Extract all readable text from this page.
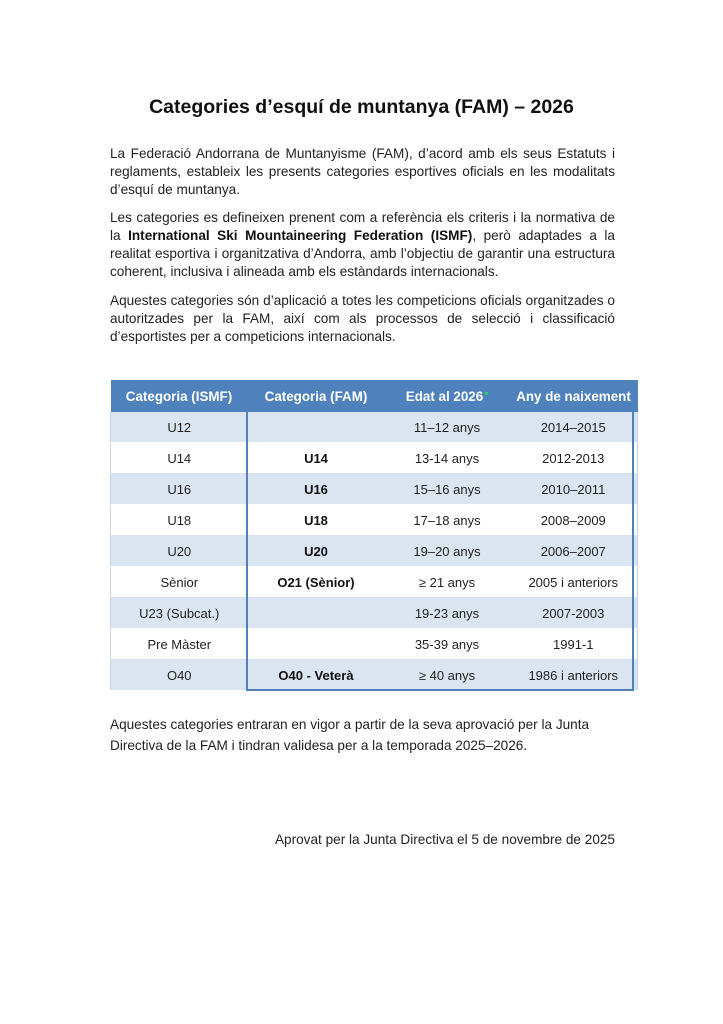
Categories d’esquí de muntanya (FAM) – 2026
La Federació Andorrana de Muntanyisme (FAM), d’acord amb els seus Estatuts i reglaments, estableix les presents categories esportives oficials en les modalitats d’esquí de muntanya.
Les categories es defineixen prenent com a referència els criteris i la normativa de la International Ski Mountaineering Federation (ISMF), però adaptades a la realitat esportiva i organitzativa d’Andorra, amb l’objectiu de garantir una estructura coherent, inclusiva i alineada amb els estàndards internacionals.
Aquestes categories són d’aplicació a totes les competicions oficials organitzades o autoritzades per la FAM, així com als processos de selecció i classificació d’esportistes per a competicions internacionals.
Categoria (ISMF)	Categoria (FAM)	Edat al 2026	Any de naixement
U12		11–12 anys	2014–2015
U14	U14	13-14 anys	2012-2013
U16	U16	15–16 anys	2010–2011
U18	U18	17–18 anys	2008–2009
U20	U20	19–20 anys	2006–2007
Sènior	O21 (Sènior)	≥ 21 anys	2005 i anteriors
U23 (Subcat.)		19-23 anys	2007-2003
Pre Màster		35-39 anys	1991-1
O40	O40 - Veterà	≥ 40 anys	1986 i anteriors
Aquestes categories entraran en vigor a partir de la seva aprovació per la Junta Directiva de la FAM i tindran validesa per a la temporada 2025–2026.
Aprovat per la Junta Directiva el 5 de novembre de 2025
